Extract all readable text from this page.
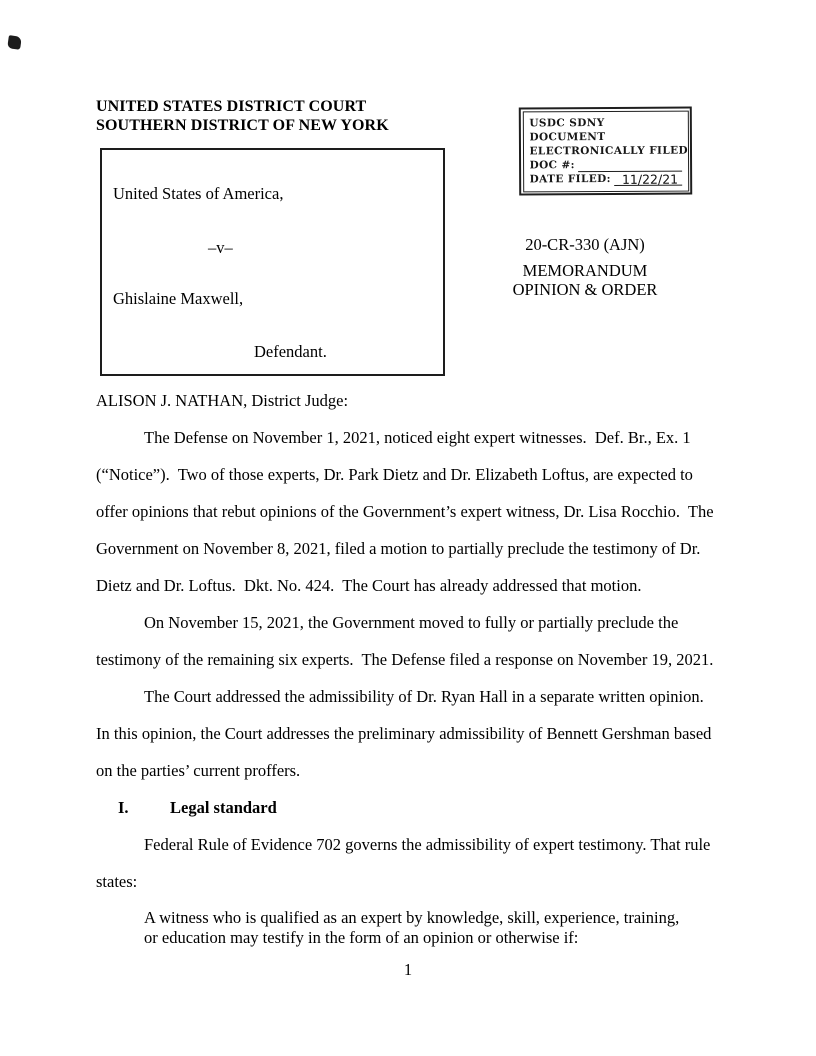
UNITED STATES DISTRICT COURT
SOUTHERN DISTRICT OF NEW YORK	USDC SDNY
DOCUMENT
ELECTRONICALLY FILED
DOC #:
DATE FILED: 11/22/21
United States of America,
–v–
Ghislaine Maxwell,
Defendant.
20-CR-330 (AJN)
MEMORANDUM
OPINION & ORDER

ALISON J. NATHAN, District Judge:

The Defense on November 1, 2021, noticed eight expert witnesses.  Def. Br., Ex. 1 (“Notice”).  Two of those experts, Dr. Park Dietz and Dr. Elizabeth Loftus, are expected to offer opinions that rebut opinions of the Government’s expert witness, Dr. Lisa Rocchio.  The Government on November 8, 2021, filed a motion to partially preclude the testimony of Dr. Dietz and Dr. Loftus.  Dkt. No. 424.  The Court has already addressed that motion.

On November 15, 2021, the Government moved to fully or partially preclude the testimony of the remaining six experts.  The Defense filed a response on November 19, 2021.

The Court addressed the admissibility of Dr. Ryan Hall in a separate written opinion.  In this opinion, the Court addresses the preliminary admissibility of Bennett Gershman based on the parties’ current proffers.

I.	Legal standard

Federal Rule of Evidence 702 governs the admissibility of expert testimony. That rule states:

A witness who is qualified as an expert by knowledge, skill, experience, training, or education may testify in the form of an opinion or otherwise if:
1
